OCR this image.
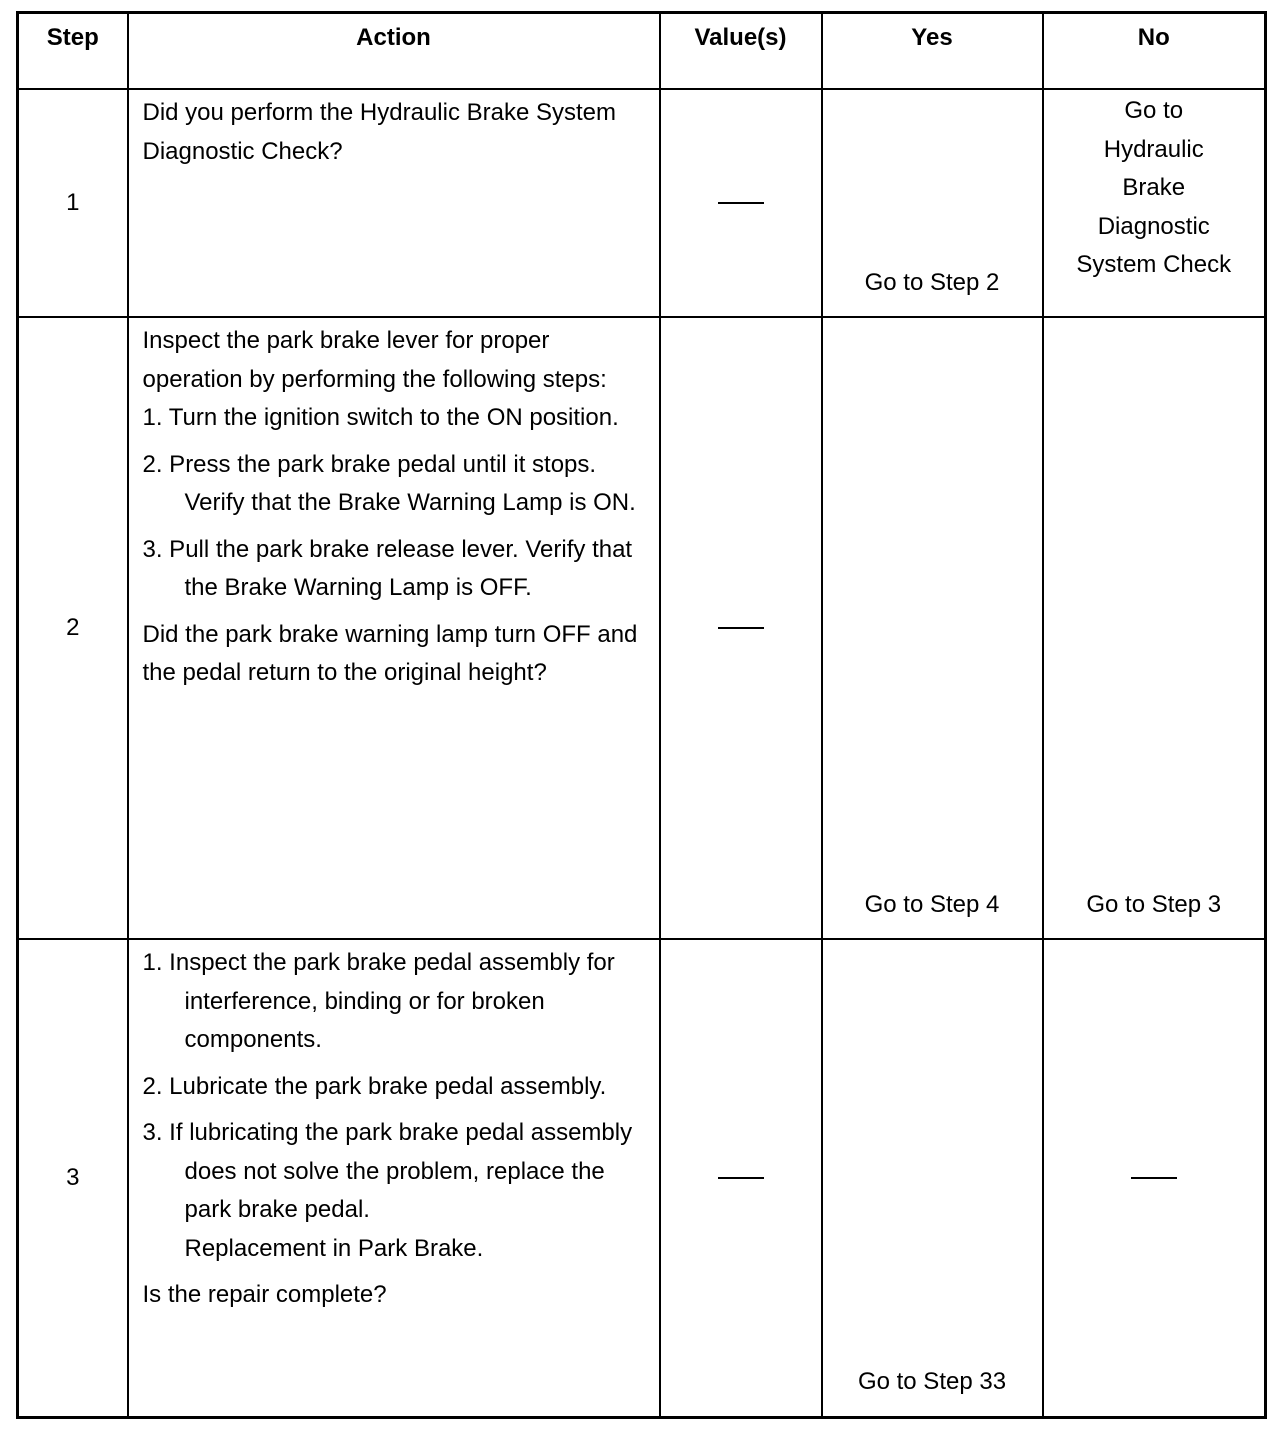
Step	Action	Value(s)	Yes	No
1	Did you perform the Hydraulic Brake System Diagnostic Check?		Go to Step 2	Go to
Hydraulic
Brake
Diagnostic
System Check

2	Inspect the park brake lever for proper operation by performing the following steps:

1. Turn the ignition switch to the ON position.

2. Press the park brake pedal until it stops. Verify that the Brake Warning Lamp is ON.

3. Pull the park brake release lever. Verify that the Brake Warning Lamp is OFF.

Did the park brake warning lamp turn OFF and the pedal return to the original height?		Go to Step 4	Go to Step 3
3	1. Inspect the park brake pedal assembly for interference, binding or for broken components.

2. Lubricate the park brake pedal assembly.

3. If lubricating the park brake pedal assembly does not solve the problem, replace the park brake pedal.

Replacement in Park Brake.

Is the repair complete?		Go to Step 33	
